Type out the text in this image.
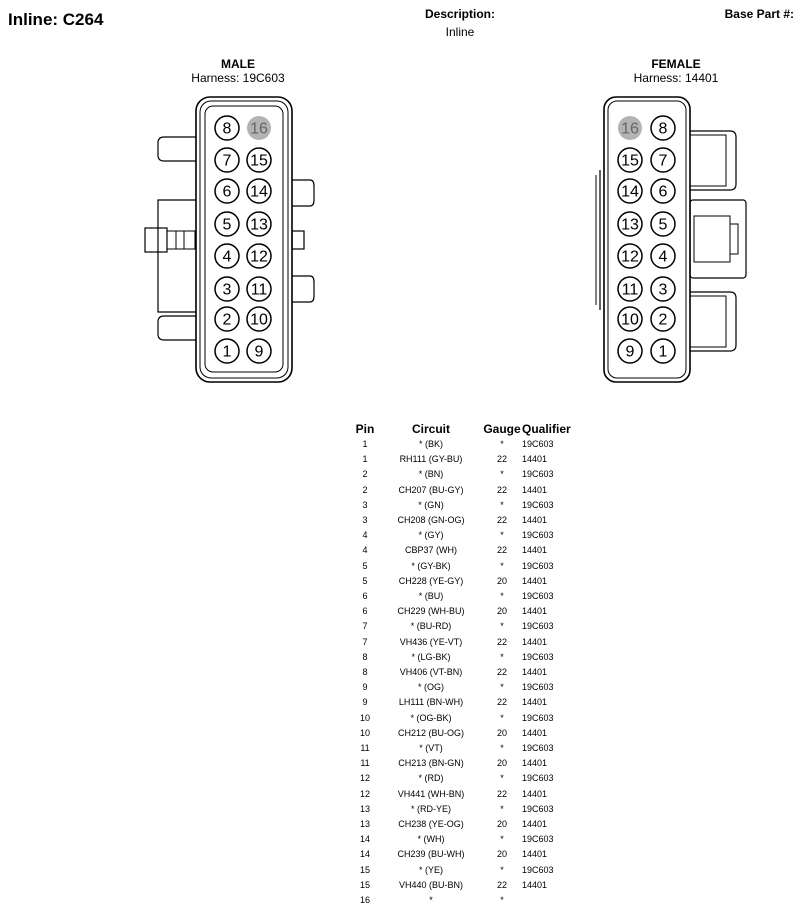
Inline: C264	Description:
Inline
Base Part #:
MALE
Harness: 19C603
FEMALE
Harness: 14401
8 16
7 15
6 14
5 13
4 12
3 11
2 10
1 9
16 8
15 7
14 6
13 5
12 4
11 3
10 2
9 1
Pin	Circuit	Gauge	Qualifier
1	* (BK)	*	19C603
1	RH111 (GY-BU)	22	14401
2	* (BN)	*	19C603
2	CH207 (BU-GY)	22	14401
3	* (GN)	*	19C603
3	CH208 (GN-OG)	22	14401
4	* (GY)	*	19C603
4	CBP37 (WH)	22	14401
5	* (GY-BK)	*	19C603
5	CH228 (YE-GY)	20	14401
6	* (BU)	*	19C603
6	CH229 (WH-BU)	20	14401
7	* (BU-RD)	*	19C603
7	VH436 (YE-VT)	22	14401
8	* (LG-BK)	*	19C603
8	VH406 (VT-BN)	22	14401
9	* (OG)	*	19C603
9	LH111 (BN-WH)	22	14401
10	* (OG-BK)	*	19C603
10	CH212 (BU-OG)	20	14401
11	* (VT)	*	19C603
11	CH213 (BN-GN)	20	14401
12	* (RD)	*	19C603
12	VH441 (WH-BN)	22	14401
13	* (RD-YE)	*	19C603
13	CH238 (YE-OG)	20	14401
14	* (WH)	*	19C603
14	CH239 (BU-WH)	20	14401
15	* (YE)	*	19C603
15	VH440 (BU-BN)	22	14401
16	*	*	
